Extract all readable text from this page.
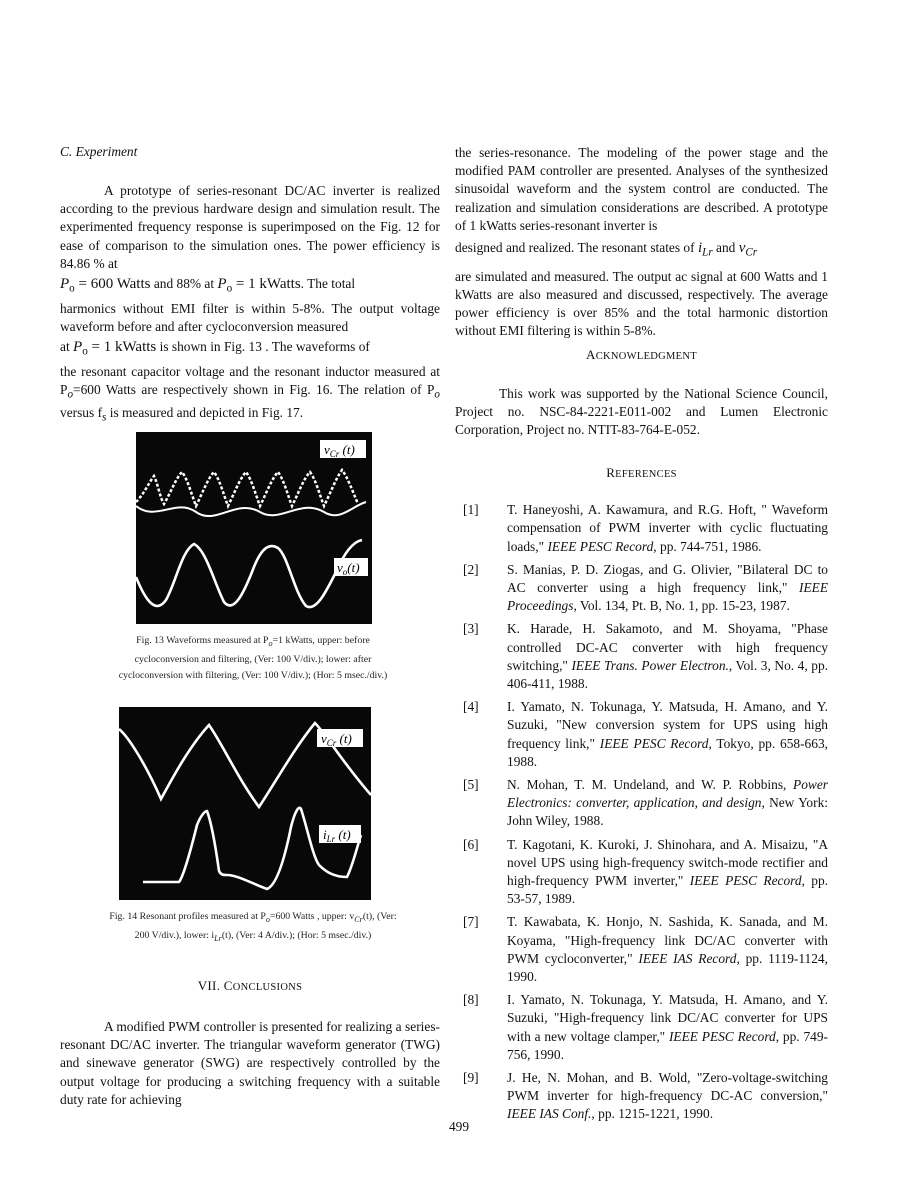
C. Experiment

A prototype of series-resonant DC/AC inverter is realized according to the previous hardware design and simulation result. The experimented frequency response is superimposed on the Fig. 12 for ease of comparison to the simulation ones. The power efficiency is 84.86 % at

$P_o = 600$ Watts and 88% at $P_o = 1$ kWatts. The total

harmonics without EMI filter is within 5-8%. The output voltage waveform before and after cycloconversion measured

at $P_o = 1$ kWatts is shown in Fig. 13 . The waveforms of

the resonant capacitor voltage and the resonant inductor measured at $P_o=600$ Watts are respectively shown in Fig. 16. The relation of $P_o$ versus $f_s$ is measured and depicted in Fig. 17.

$v_{Cr}$ (t)
$v_o(t)$
Fig. 13 Waveforms measured at $P_o=1$ kWatts, upper: before
cycloconversion and filtering, (Ver: 100 V/div.); lower: after
cycloconversion with filtering, (Ver: 100 V/div.); (Hor: 5 msec./div.)
$v_{Cr}$ (t)
$i_{Lr}$ (t)
Fig. 14 Resonant profiles measured at $P_o=600$ Watts , upper: $v_{Cr}(t)$, (Ver:
200 V/div.), lower: $i_{Lr}(t)$, (Ver: 4 A/div.); (Hor: 5 msec./div.)
VII. CONCLUSIONS

A modified PWM controller is presented for realizing a series-resonant DC/AC inverter. The triangular waveform generator (TWG) and sinewave generator (SWG) are respectively controlled by the output voltage for producing a switching frequency with a suitable duty rate for achieving

the series-resonance. The modeling of the power stage and the modified PAM controller are presented. Analyses of the synthesized sinusoidal waveform and the system control are conducted. The realization and simulation considerations are described. A prototype of 1 kWatts series-resonant inverter is

designed and realized. The resonant states of $i_{Lr}$ and $v_{Cr}$

are simulated and measured. The output ac signal at 600 Watts and 1 kWatts are also measured and discussed, respectively. The average power efficiency is over 85% and the total harmonic distortion without EMI filtering is within 5-8%.

ACKNOWLEDGMENT

This work was supported by the National Science Council, Project no. NSC-84-2221-E011-002 and Lumen Electronic Corporation, Project no. NTIT-83-764-E-052.

REFERENCES
[1]	T. Haneyoshi, A. Kawamura, and R.G. Hoft, " Waveform compensation of PWM inverter with cyclic fluctuating loads," IEEE PESC Record, pp. 744-751, 1986.
[2]	S. Manias, P. D. Ziogas, and G. Olivier, "Bilateral DC to AC converter using a high frequency link," IEEE Proceedings, Vol. 134, Pt. B, No. 1, pp. 15-23, 1987.
[3]	K. Harade, H. Sakamoto, and M. Shoyama, "Phase controlled DC-AC converter with high frequency switching," IEEE Trans. Power Electron., Vol. 3, No. 4, pp. 406-411, 1988.
[4]	I. Yamato, N. Tokunaga, Y. Matsuda, H. Amano, and Y. Suzuki, "New conversion system for UPS using high frequency link," IEEE PESC Record, Tokyo, pp. 658-663, 1988.
[5]	N. Mohan, T. M. Undeland, and W. P. Robbins, Power Electronics: converter, application, and design, New York: John Wiley, 1988.
[6]	T. Kagotani, K. Kuroki, J. Shinohara, and A. Misaizu, "A novel UPS using high-frequency switch-mode rectifier and high-frequency PWM inverter," IEEE PESC Record, pp. 53-57, 1989.
[7]	T. Kawabata, K. Honjo, N. Sashida, K. Sanada, and M. Koyama, "High-frequency link DC/AC converter with PWM cycloconverter," IEEE IAS Record, pp. 1119-1124, 1990.
[8]	I. Yamato, N. Tokunaga, Y. Matsuda, H. Amano, and Y. Suzuki, "High-frequency link DC/AC converter for UPS with a new voltage clamper," IEEE PESC Record, pp. 749-756, 1990.
[9]	J. He, N. Mohan, and B. Wold, "Zero-voltage-switching PWM inverter for high-frequency DC-AC conversion," IEEE IAS Conf., pp. 1215-1221, 1990.
499
